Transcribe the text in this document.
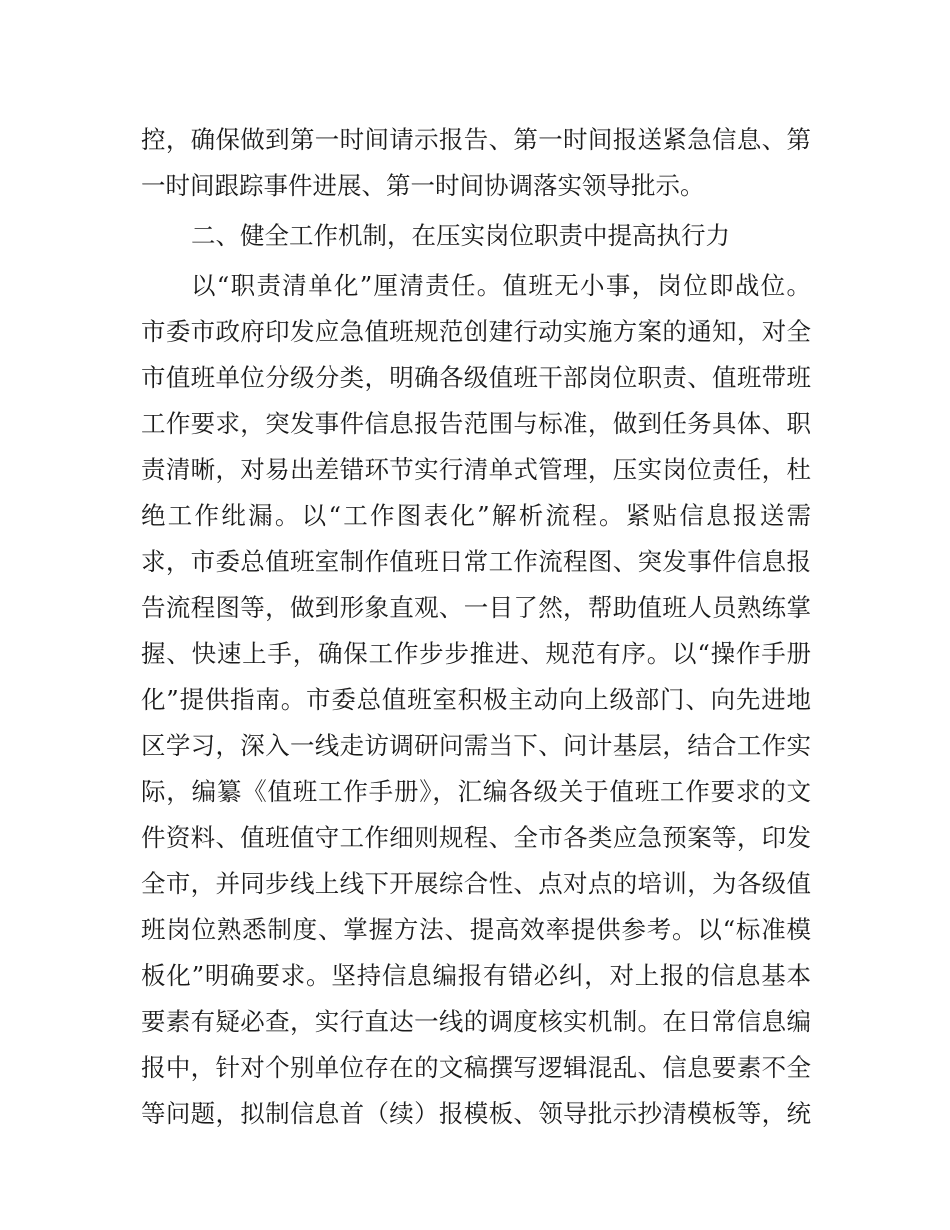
控，确保做到第一时间请示报告、第一时间报送紧急信息、第
一时间跟踪事件进展、第一时间协调落实领导批示。
二、健全工作机制，在压实岗位职责中提高执行力
以“职责清单化”厘清责任。值班无小事，岗位即战位。
市委市政府印发应急值班规范创建行动实施方案的通知，对全
市值班单位分级分类，明确各级值班干部岗位职责、值班带班
工作要求，突发事件信息报告范围与标准，做到任务具体、职
责清晰，对易出差错环节实行清单式管理，压实岗位责任，杜
绝工作纰漏。以“工作图表化”解析流程。紧贴信息报送需
求，市委总值班室制作值班日常工作流程图、突发事件信息报
告流程图等，做到形象直观、一目了然，帮助值班人员熟练掌
握、快速上手，确保工作步步推进、规范有序。以“操作手册
化”提供指南。市委总值班室积极主动向上级部门、向先进地
区学习，深入一线走访调研问需当下、问计基层，结合工作实
际，编纂《值班工作手册》，汇编各级关于值班工作要求的文
件资料、值班值守工作细则规程、全市各类应急预案等，印发
全市，并同步线上线下开展综合性、点对点的培训，为各级值
班岗位熟悉制度、掌握方法、提高效率提供参考。以“标准模
板化”明确要求。坚持信息编报有错必纠，对上报的信息基本
要素有疑必查，实行直达一线的调度核实机制。在日常信息编
报中，针对个别单位存在的文稿撰写逻辑混乱、信息要素不全
等问题，拟制信息首（续）报模板、领导批示抄清模板等，统
